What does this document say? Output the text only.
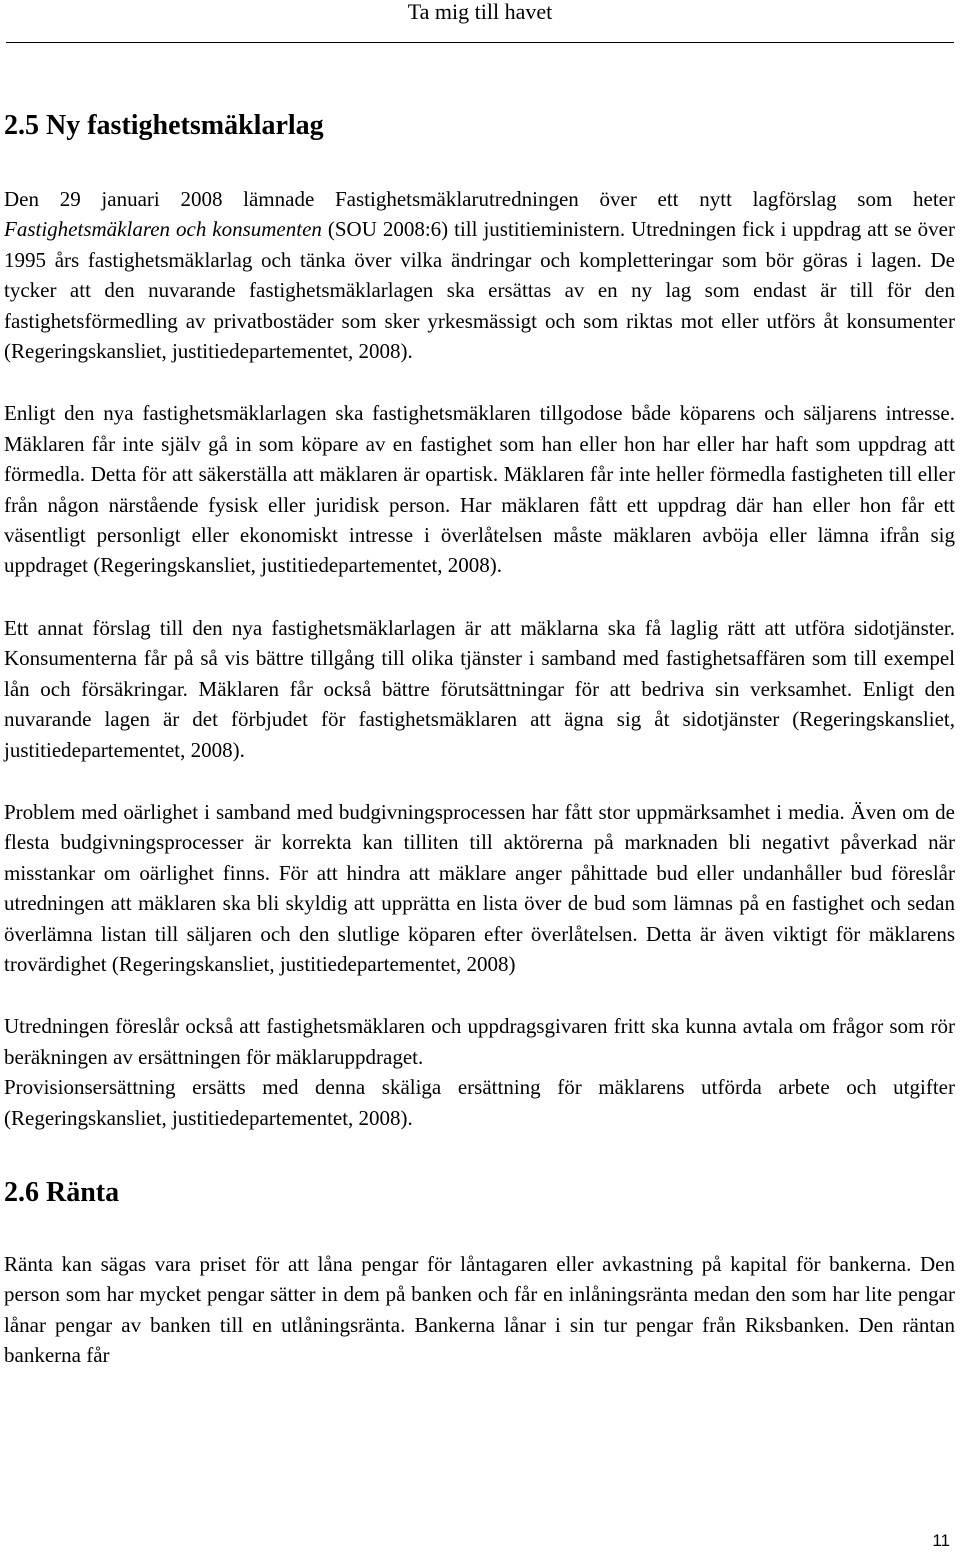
Ta mig till havet
2.5 Ny fastighetsmäklarlag

Den 29 januari 2008 lämnade Fastighetsmäklarutredningen över ett nytt lagförslag som heter Fastighetsmäklaren och konsumenten (SOU 2008:6) till justitieministern. Utredningen fick i uppdrag att se över 1995 års fastighetsmäklarlag och tänka över vilka ändringar och kompletteringar som bör göras i lagen. De tycker att den nuvarande fastighetsmäklarlagen ska ersättas av en ny lag som endast är till för den fastighetsförmedling av privatbostäder som sker yrkesmässigt och som riktas mot eller utförs åt konsumenter (Regeringskansliet, justitiedepartementet, 2008).

Enligt den nya fastighetsmäklarlagen ska fastighetsmäklaren tillgodose både köparens och säljarens intresse. Mäklaren får inte själv gå in som köpare av en fastighet som han eller hon har eller har haft som uppdrag att förmedla. Detta för att säkerställa att mäklaren är opartisk. Mäklaren får inte heller förmedla fastigheten till eller från någon närstående fysisk eller juridisk person. Har mäklaren fått ett uppdrag där han eller hon får ett väsentligt personligt eller ekonomiskt intresse i överlåtelsen måste mäklaren avböja eller lämna ifrån sig uppdraget (Regeringskansliet, justitiedepartementet, 2008).

Ett annat förslag till den nya fastighetsmäklarlagen är att mäklarna ska få laglig rätt att utföra sidotjänster. Konsumenterna får på så vis bättre tillgång till olika tjänster i samband med fastighetsaffären som till exempel lån och försäkringar. Mäklaren får också bättre förutsättningar för att bedriva sin verksamhet. Enligt den nuvarande lagen är det förbjudet för fastighetsmäklaren att ägna sig åt sidotjänster (Regeringskansliet, justitiedepartementet, 2008).

Problem med oärlighet i samband med budgivningsprocessen har fått stor uppmärksamhet i media. Även om de flesta budgivningsprocesser är korrekta kan tilliten till aktörerna på marknaden bli negativt påverkad när misstankar om oärlighet finns. För att hindra att mäklare anger påhittade bud eller undanhåller bud föreslår utredningen att mäklaren ska bli skyldig att upprätta en lista över de bud som lämnas på en fastighet och sedan överlämna listan till säljaren och den slutlige köparen efter överlåtelsen. Detta är även viktigt för mäklarens trovärdighet (Regeringskansliet, justitiedepartementet, 2008)

Utredningen föreslår också att fastighetsmäklaren och uppdragsgivaren fritt ska kunna avtala om frågor som rör beräkningen av ersättningen för mäklaruppdraget.

Provisionsersättning ersätts med denna skäliga ersättning för mäklarens utförda arbete och utgifter (Regeringskansliet, justitiedepartementet, 2008).

2.6 Ränta

Ränta kan sägas vara priset för att låna pengar för låntagaren eller avkastning på kapital för bankerna. Den person som har mycket pengar sätter in dem på banken och får en inlåningsränta medan den som har lite pengar lånar pengar av banken till en utlåningsränta. Bankerna lånar i sin tur pengar från Riksbanken. Den räntan bankerna får

11
